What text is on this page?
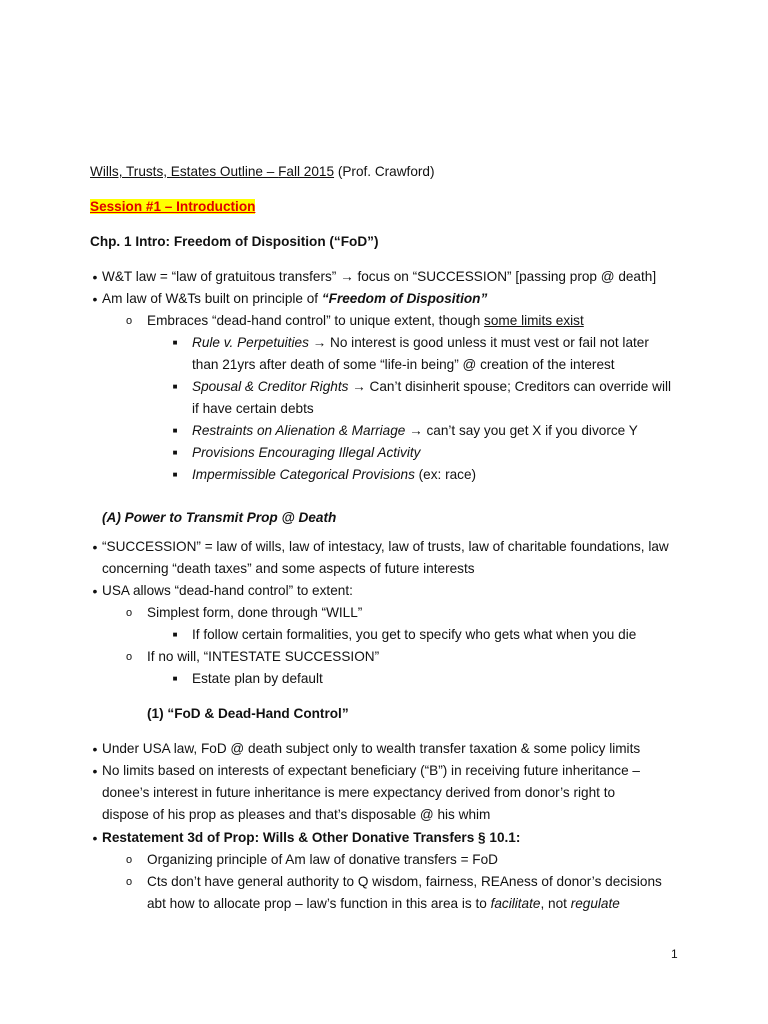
Wills, Trusts, Estates Outline – Fall 2015 (Prof. Crawford)
Session #1 – Introduction
Chp. 1 Intro: Freedom of Disposition (“FoD”)
• W&T law = “law of gratuitous transfers” → focus on “SUCCESSION” [passing prop @ death]
• Am law of W&Ts built on principle of “Freedom of Disposition”
o Embraces “dead-hand control” to unique extent, though some limits exist
■	Rule v. Perpetuities → No interest is good unless it must vest or fail not later
than 21yrs after death of some “life-in being” @ creation of the interest
■	Spousal & Creditor Rights → Can’t disinherit spouse; Creditors can override will
if have certain debts
■	Restraints on Alienation & Marriage → can’t say you get X if you divorce Y
■	Provisions Encouraging Illegal Activity
■	Impermissible Categorical Provisions (ex: race)
(A) Power to Transmit Prop @ Death
• “SUCCESSION” = law of wills, law of intestacy, law of trusts, law of charitable foundations, law
concerning “death taxes” and some aspects of future interests
• USA allows “dead-hand control” to extent:
o Simplest form, done through “WILL”
■	If follow certain formalities, you get to specify who gets what when you die
o If no will, “INTESTATE SUCCESSION”
■	Estate plan by default
(1) “FoD & Dead-Hand Control”
• Under USA law, FoD @ death subject only to wealth transfer taxation & some policy limits
• No limits based on interests of expectant beneficiary (“B”) in receiving future inheritance –
donee’s interest in future inheritance is mere expectancy derived from donor’s right to
dispose of his prop as pleases and that’s disposable @ his whim
• Restatement 3d of Prop: Wills & Other Donative Transfers § 10.1:
o Organizing principle of Am law of donative transfers = FoD
o Cts don’t have general authority to Q wisdom, fairness, REAness of donor’s decisions
abt how to allocate prop – law’s function in this area is to facilitate, not regulate
1
